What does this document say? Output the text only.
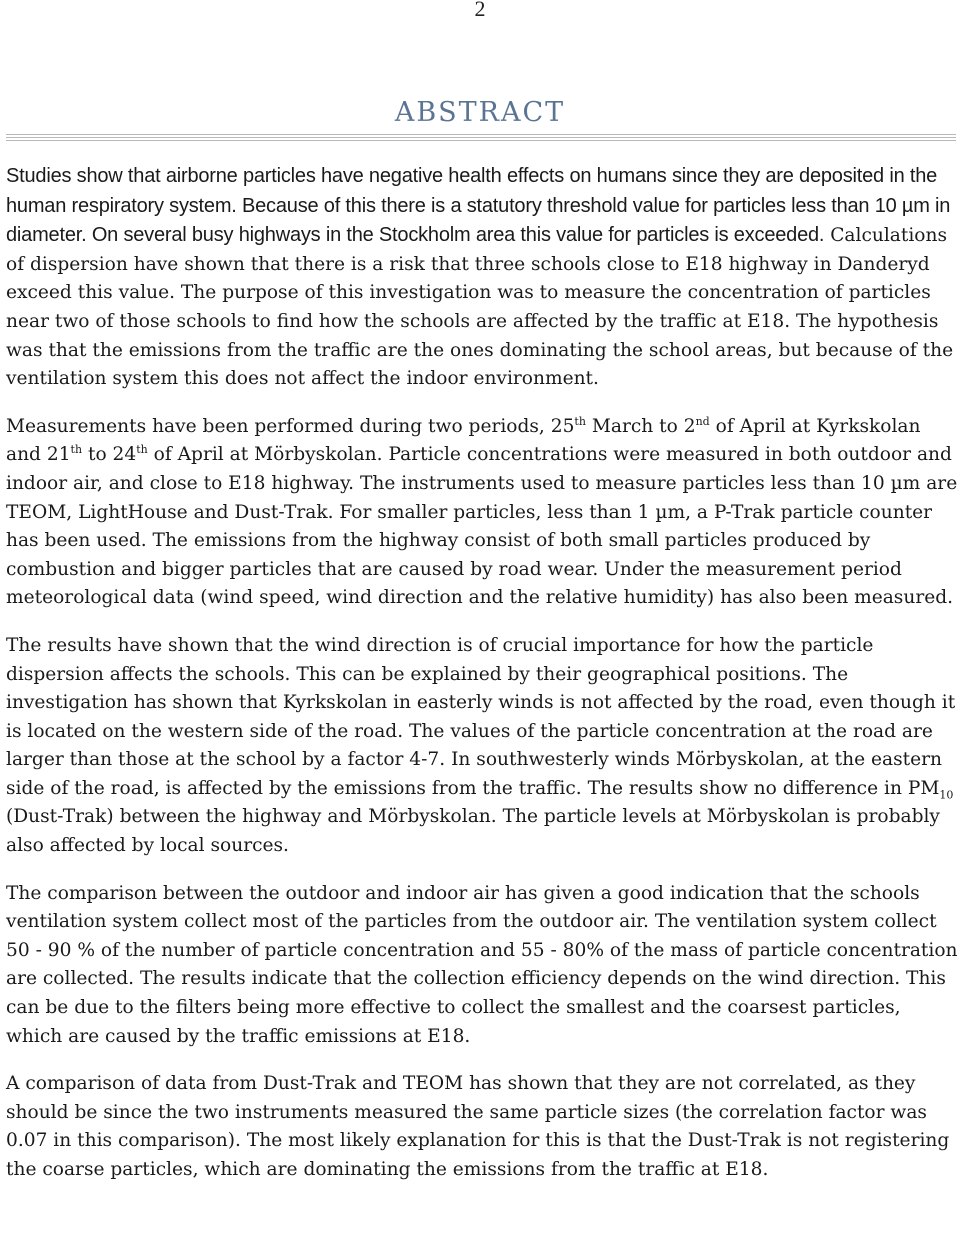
2
ABSTRACT

Studies show that airborne particles have negative health effects on humans since they are deposited in the human respiratory system. Because of this there is a statutory threshold value for particles less than 10 µm in diameter. On several busy highways in the Stockholm area this value for particles is exceeded. Calculations of dispersion have shown that there is a risk that three schools close to E18 highway in Danderyd exceed this value. The purpose of this investigation was to measure the concentration of particles near two of those schools to find how the schools are affected by the traffic at E18. The hypothesis was that the emissions from the traffic are the ones dominating the school areas, but because of the ventilation system this does not affect the indoor environment.

Measurements have been performed during two periods, 25th March to 2nd of April at Kyrkskolan and 21th to 24th of April at Mörbyskolan. Particle concentrations were measured in both outdoor and indoor air, and close to E18 highway. The instruments used to measure particles less than 10 µm are TEOM, LightHouse and Dust-Trak. For smaller particles, less than 1 µm, a P-Trak particle counter has been used. The emissions from the highway consist of both small particles produced by combustion and bigger particles that are caused by road wear. Under the measurement period meteorological data (wind speed, wind direction and the relative humidity) has also been measured.

The results have shown that the wind direction is of crucial importance for how the particle dispersion affects the schools. This can be explained by their geographical positions. The investigation has shown that Kyrkskolan in easterly winds is not affected by the road, even though it is located on the western side of the road. The values of the particle concentration at the road are larger than those at the school by a factor 4-7. In southwesterly winds Mörbyskolan, at the eastern side of the road, is affected by the emissions from the traffic. The results show no difference in $PM_{10}$ (Dust-Trak) between the highway and Mörbyskolan. The particle levels at Mörbyskolan is probably also affected by local sources.

The comparison between the outdoor and indoor air has given a good indication that the schools ventilation system collect most of the particles from the outdoor air. The ventilation system collect 50 - 90 % of the number of particle concentration and 55 - 80% of the mass of particle concentration are collected. The results indicate that the collection efficiency depends on the wind direction. This can be due to the filters being more effective to collect the smallest and the coarsest particles, which are caused by the traffic emissions at E18.

A comparison of data from Dust-Trak and TEOM has shown that they are not correlated, as they should be since the two instruments measured the same particle sizes (the correlation factor was 0.07 in this comparison). The most likely explanation for this is that the Dust-Trak is not registering the coarse particles, which are dominating the emissions from the traffic at E18.
